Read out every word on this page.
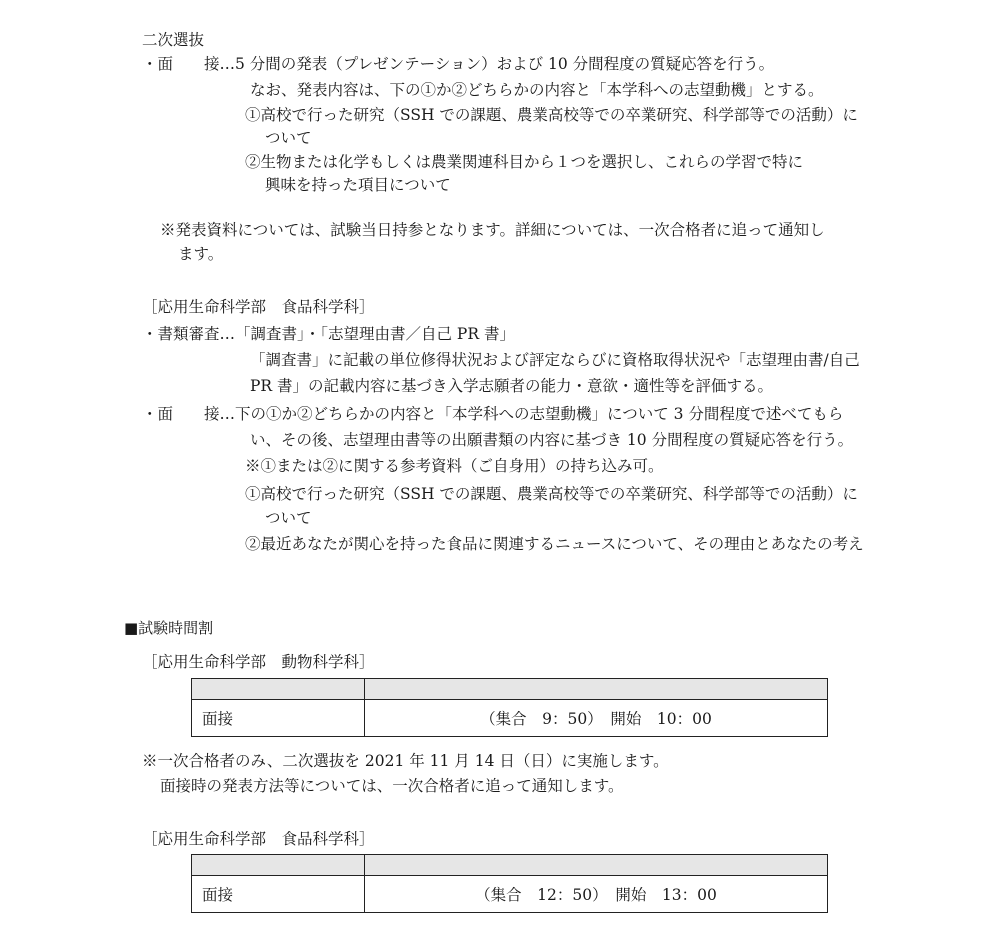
二次選抜
・面　　接…5 分間の発表（プレゼンテーション）および 10 分間程度の質疑応答を行う。
なお、発表内容は、下の①か②どちらかの内容と「本学科への志望動機」とする。
①高校で行った研究（SSH での課題、農業高校等での卒業研究、科学部等での活動）に
ついて
②生物または化学もしくは農業関連科目から１つを選択し、これらの学習で特に
興味を持った項目について
※発表資料については、試験当日持参となります。詳細については、一次合格者に追って通知し
ます。
［応用生命科学部　食品科学科］
・書類審査…「調査書」・「志望理由書／自己 PR 書」
「調査書」に記載の単位修得状況および評定ならびに資格取得状況や「志望理由書/自己
PR 書」の記載内容に基づき入学志願者の能力・意欲・適性等を評価する。
・面　　接…下の①か②どちらかの内容と「本学科への志望動機」について 3 分間程度で述べてもら
い、その後、志望理由書等の出願書類の内容に基づき 10 分間程度の質疑応答を行う。
※①または②に関する参考資料（ご自身用）の持ち込み可。
①高校で行った研究（SSH での課題、農業高校等での卒業研究、科学部等での活動）に
ついて
②最近あなたが関心を持った食品に関連するニュースについて、その理由とあなたの考え
■試験時間割
［応用生命科学部　動物科学科］

面接	（集合　9：50）　開始　10：00
※一次合格者のみ、二次選抜を 2021 年 11 月 14 日（日）に実施します。
面接時の発表方法等については、一次合格者に追って通知します。
［応用生命科学部　食品科学科］

面接	（集合　12：50）　開始　13：00
